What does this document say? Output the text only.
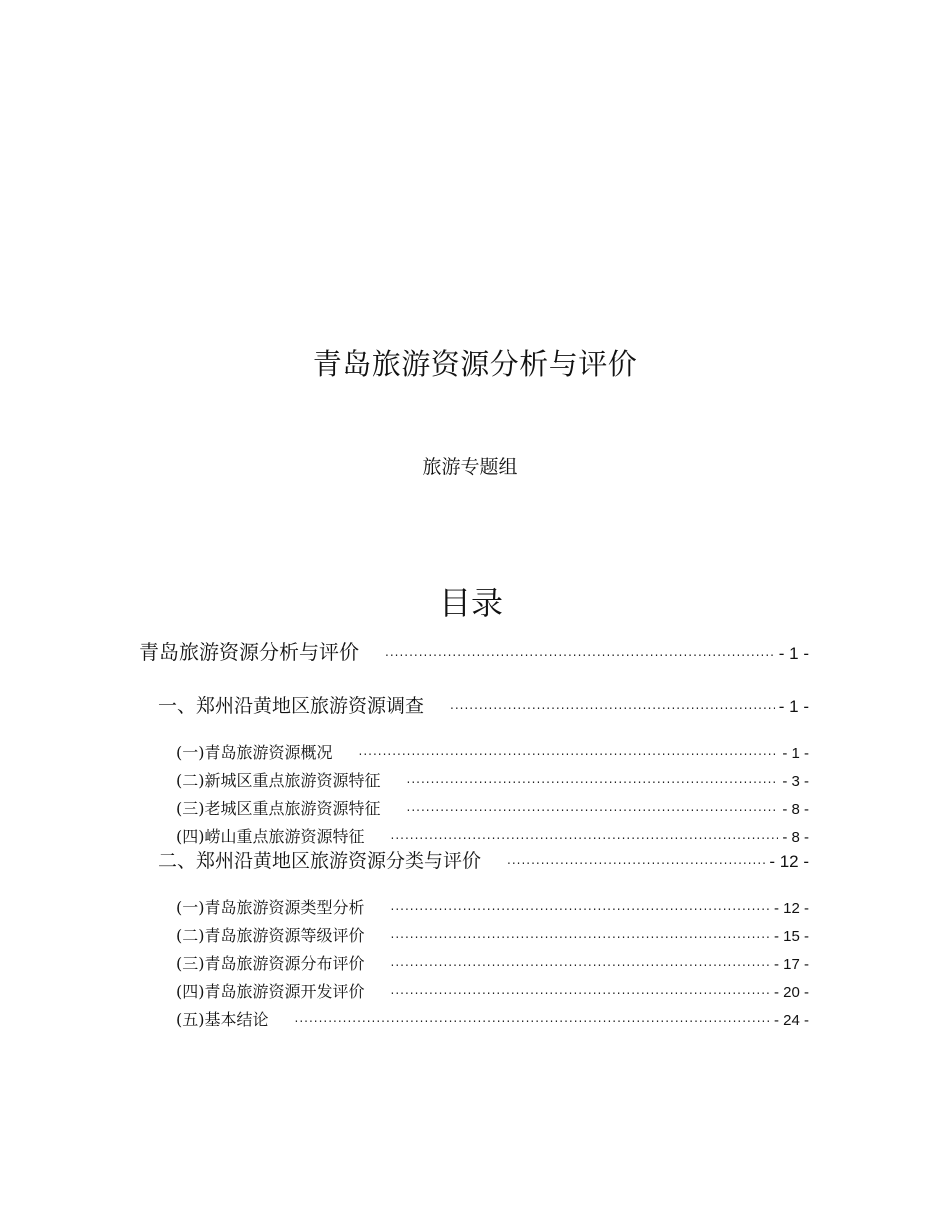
青岛旅游资源分析与评价
旅游专题组
目录
青岛旅游资源分析与评价 .....	- 1 -
一、郑州沿黄地区旅游资源调查 .....	- 1 -
(一)青岛旅游资源概况 .....	- 1 -
(二)新城区重点旅游资源特征 .....	- 3 -
(三)老城区重点旅游资源特征 .....	- 8 -
(四)崂山重点旅游资源特征 .....	- 8 -
二、郑州沿黄地区旅游资源分类与评价 .....	- 12 -
(一)青岛旅游资源类型分析 .....	- 12 -
(二)青岛旅游资源等级评价 .....	- 15 -
(三)青岛旅游资源分布评价 .....	- 17 -
(四)青岛旅游资源开发评价 .....	- 20 -
(五)基本结论 .....	- 24 -
